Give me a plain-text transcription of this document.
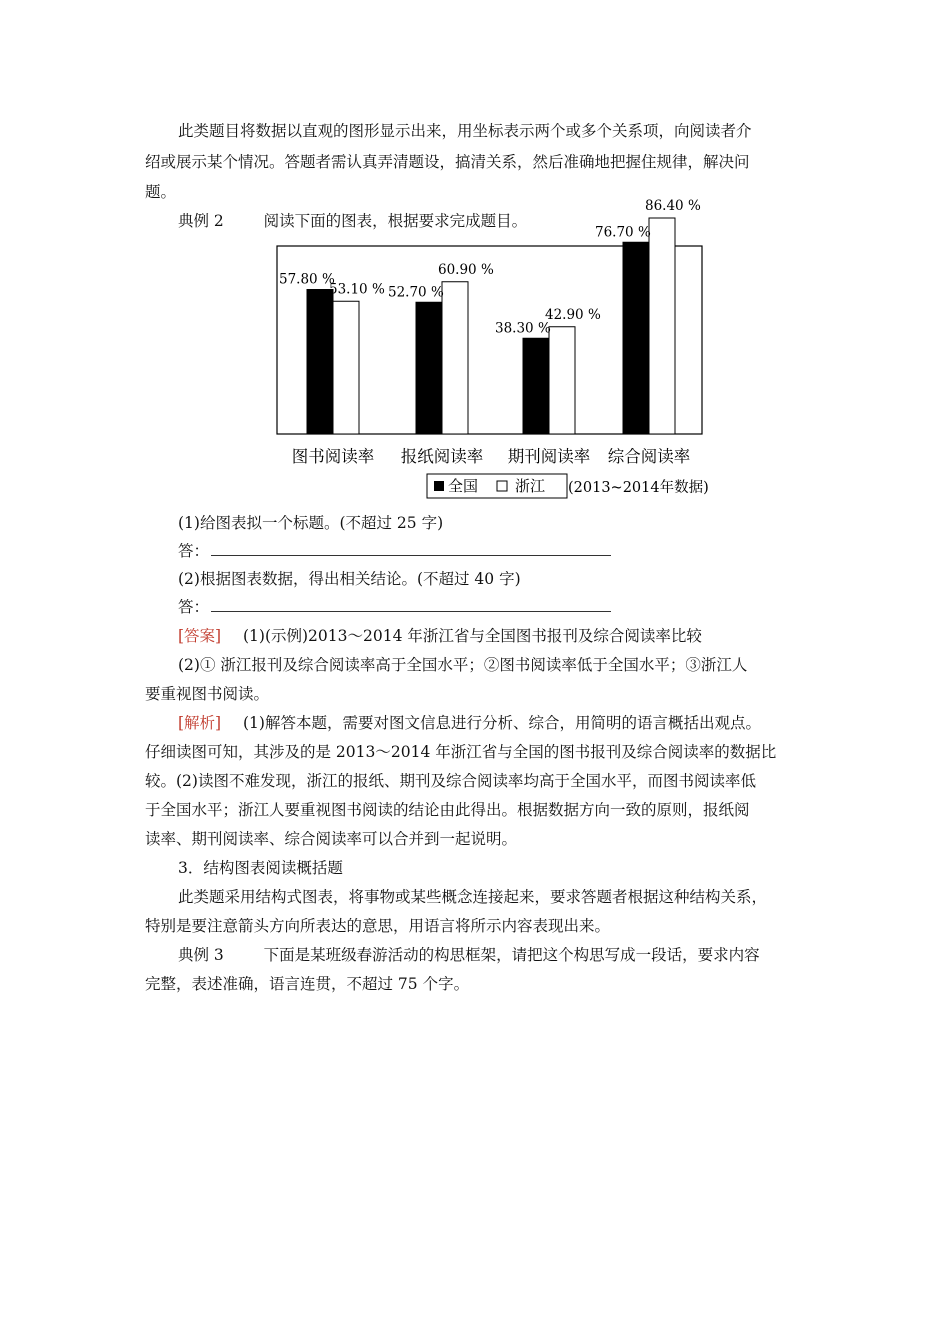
此类题目将数据以直观的图形显示出来，用坐标表示两个或多个关系项，向阅读者介
绍或展示某个情况。答题者需认真弄清题设，搞清关系，然后准确地把握住规律，解决问
题。
典例 2	阅读下面的图表，根据要求完成题目。
57.80 %
53.10 % 52.70 %
60.90 %
38.30 %
42.90 %
76.70 %
86.40 %
图书阅读率 报纸阅读率 期刊阅读率 综合阅读率
全国 浙江 (2013~2014年数据)
(1)给图表拟一个标题。(不超过 25 字)
答：
(2)根据图表数据，得出相关结论。(不超过 40 字)
答：
[答案] (1)(示例)2013～2014 年浙江省与全国图书报刊及综合阅读率比较
(2)① 浙江报刊及综合阅读率高于全国水平；②图书阅读率低于全国水平；③浙江人
要重视图书阅读。
[解析] (1)解答本题，需要对图文信息进行分析、综合，用简明的语言概括出观点。
仔细读图可知，其涉及的是 2013～2014 年浙江省与全国的图书报刊及综合阅读率的数据比
较。(2)读图不难发现，浙江的报纸、期刊及综合阅读率均高于全国水平，而图书阅读率低
于全国水平；浙江人要重视图书阅读的结论由此得出。根据数据方向一致的原则，报纸阅
读率、期刊阅读率、综合阅读率可以合并到一起说明。
3．结构图表阅读概括题
此类题采用结构式图表，将事物或某些概念连接起来，要求答题者根据这种结构关系，
特别是要注意箭头方向所表达的意思，用语言将所示内容表现出来。
典例 3	下面是某班级春游活动的构思框架，请把这个构思写成一段话，要求内容
完整，表述准确，语言连贯，不超过 75 个字。
